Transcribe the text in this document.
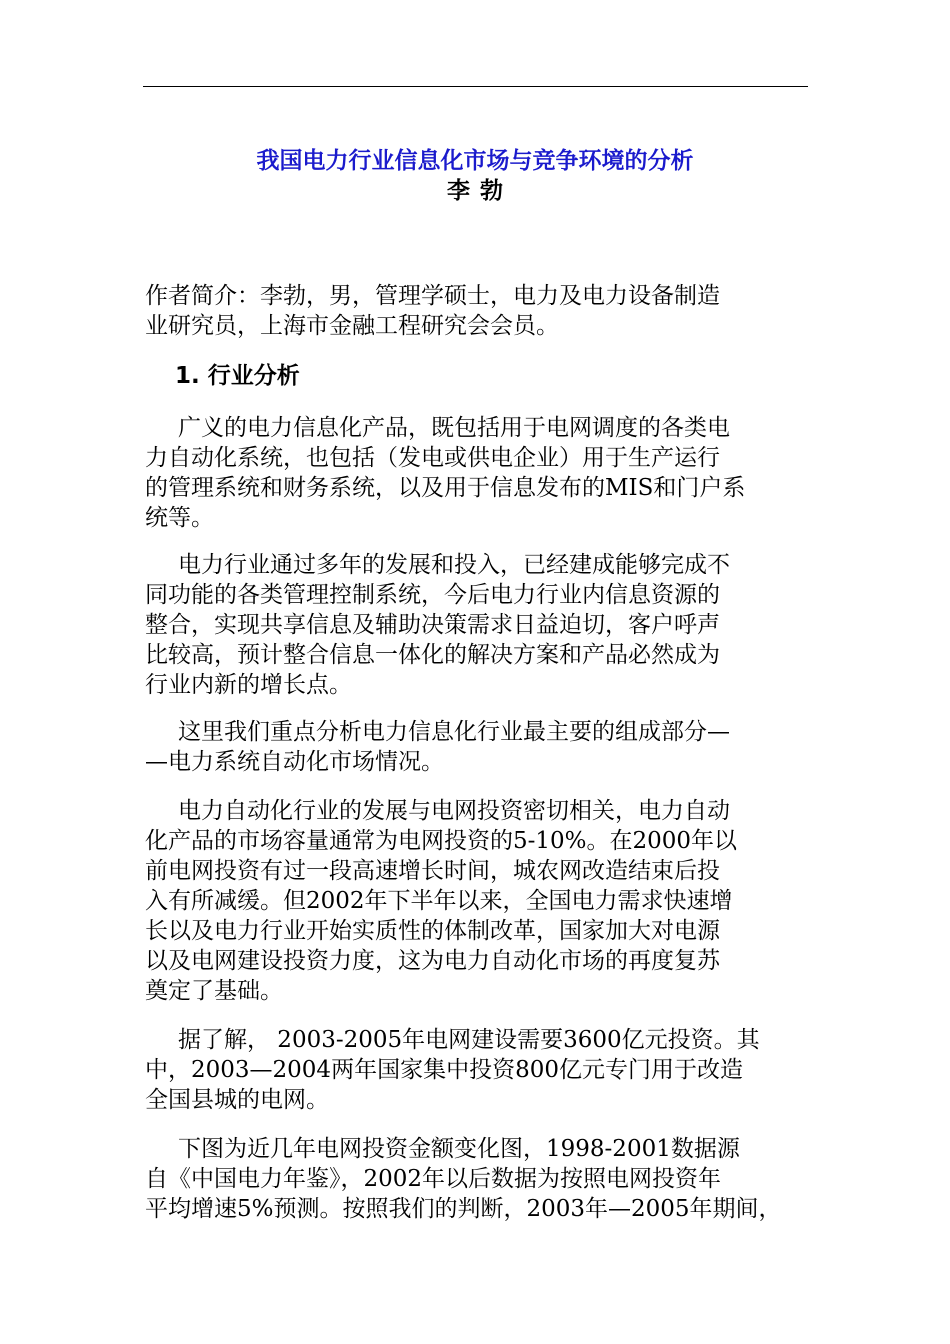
我国电力行业信息化市场与竞争环境的分析
李勃
作者简介：李勃，男，管理学硕士，电力及电力设备制造
业研究员，上海市金融工程研究会会员。
1. 行业分析
广义的电力信息化产品，既包括用于电网调度的各类电
力自动化系统，也包括（发电或供电企业）用于生产运行
的管理系统和财务系统，以及用于信息发布的MIS和门户系
统等。
电力行业通过多年的发展和投入，已经建成能够完成不
同功能的各类管理控制系统，今后电力行业内信息资源的
整合，实现共享信息及辅助决策需求日益迫切，客户呼声
比较高，预计整合信息一体化的解决方案和产品必然成为
行业内新的增长点。
这里我们重点分析电力信息化行业最主要的组成部分—
—电力系统自动化市场情况。
电力自动化行业的发展与电网投资密切相关，电力自动
化产品的市场容量通常为电网投资的5-10%。在2000年以
前电网投资有过一段高速增长时间，城农网改造结束后投
入有所减缓。但2002年下半年以来，全国电力需求快速增
长以及电力行业开始实质性的体制改革，国家加大对电源
以及电网建设投资力度，这为电力自动化市场的再度复苏
奠定了基础。
据了解， 2003-2005年电网建设需要3600亿元投资。其
中，2003—2004两年国家集中投资800亿元专门用于改造
全国县城的电网。
下图为近几年电网投资金额变化图，1998-2001数据源
自《中国电力年鉴》，2002年以后数据为按照电网投资年
平均增速5%预测。按照我们的判断，2003年—2005年期间，
